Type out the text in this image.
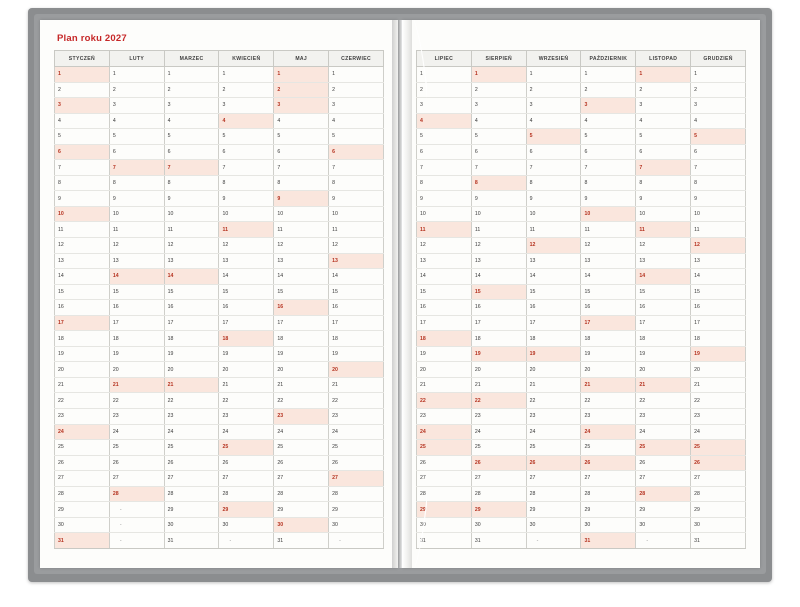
Plan roku 2027
STYCZEŃ	LUTY	MARZEC	KWIECIEŃ	MAJ	CZERWIEC
1	1	1	1	1	1
2	2	2	2	2	2
3	3	3	3	3	3
4	4	4	4	4	4
5	5	5	5	5	5
6	6	6	6	6	6
7	7	7	7	7	7
8	8	8	8	8	8
9	9	9	9	9	9
10	10	10	10	10	10
11	11	11	11	11	11
12	12	12	12	12	12
13	13	13	13	13	13
14	14	14	14	14	14
15	15	15	15	15	15
16	16	16	16	16	16
17	17	17	17	17	17
18	18	18	18	18	18
19	19	19	19	19	19
20	20	20	20	20	20
21	21	21	21	21	21
22	22	22	22	22	22
23	23	23	23	23	23
24	24	24	24	24	24
25	25	25	25	25	25
26	26	26	26	26	26
27	27	27	27	27	27
28	28	28	28	28	28
29	-	29	29	29	29
30	-	30	30	30	30
31	-	31	-	31	-
LIPIEC	SIERPIEŃ	WRZESIEŃ	PAŹDZIERNIK	LISTOPAD	GRUDZIEŃ
1	1	1	1	1	1
2	2	2	2	2	2
3	3	3	3	3	3
4	4	4	4	4	4
5	5	5	5	5	5
6	6	6	6	6	6
7	7	7	7	7	7
8	8	8	8	8	8
9	9	9	9	9	9
10	10	10	10	10	10
11	11	11	11	11	11
12	12	12	12	12	12
13	13	13	13	13	13
14	14	14	14	14	14
15	15	15	15	15	15
16	16	16	16	16	16
17	17	17	17	17	17
18	18	18	18	18	18
19	19	19	19	19	19
20	20	20	20	20	20
21	21	21	21	21	21
22	22	22	22	22	22
23	23	23	23	23	23
24	24	24	24	24	24
25	25	25	25	25	25
26	26	26	26	26	26
27	27	27	27	27	27
28	28	28	28	28	28
29	29	29	29	29	29
30	30	30	30	30	30
31	31	-	31	-	31
